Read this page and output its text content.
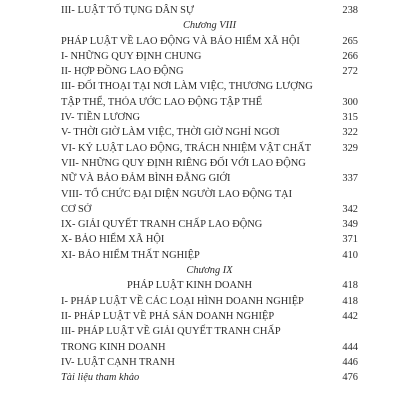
III- LUẬT TỐ TỤNG DÂN SỰ	238
Chương VIII
PHÁP LUẬT VỀ LAO ĐỘNG VÀ BẢO HIỂM XÃ HỘI	265
I- NHỮNG QUY ĐỊNH CHUNG	266
II- HỢP ĐỒNG LAO ĐỘNG	272
III- ĐỐI THOẠI TẠI NƠI LÀM VIỆC, THƯƠNG LƯỢNG
TẬP THỂ, THỎA ƯỚC LAO ĐỘNG TẬP THỂ	300
IV- TIỀN LƯƠNG	315
V- THỜI GIỜ LÀM VIỆC, THỜI GIỜ NGHỈ NGƠI	322
VI- KỶ LUẬT LAO ĐỘNG, TRÁCH NHIỆM VẬT CHẤT	329
VII- NHỮNG QUY ĐỊNH RIÊNG ĐỐI VỚI LAO ĐỘNG
NỮ VÀ BẢO ĐẢM BÌNH ĐẲNG GIỚI	337
VIII- TỔ CHỨC ĐẠI DIỆN NGƯỜI LAO ĐỘNG TẠI
CƠ SỞ	342
IX- GIẢI QUYẾT TRANH CHẤP LAO ĐỘNG	349
X- BẢO HIỂM XÃ HỘI	371
XI- BẢO HIỂM THẤT NGHIỆP	410
Chương IX
PHÁP LUẬT KINH DOANH	418
I- PHÁP LUẬT VỀ CÁC LOẠI HÌNH DOANH NGHIỆP	418
II- PHÁP LUẬT VỀ PHÁ SẢN DOANH NGHIỆP	442
III- PHÁP LUẬT VỀ GIẢI QUYẾT TRANH CHẤP
TRONG KINH DOANH	444
IV- LUẬT CẠNH TRANH	446
Tài liệu tham khảo	476
